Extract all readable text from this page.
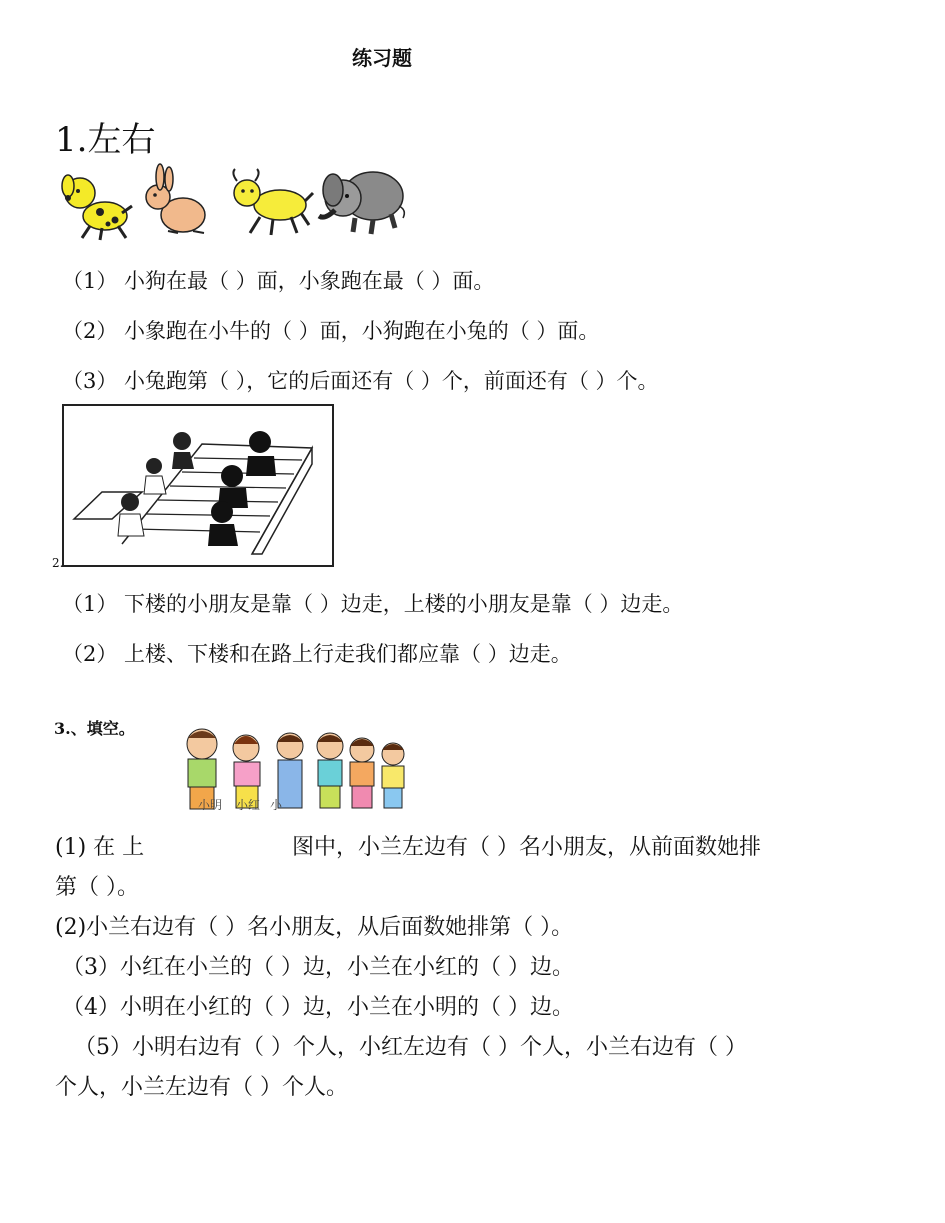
练习题
1.左右
（1） 小狗在最（ ）面，小象跑在最（ ）面。
（2） 小象跑在小牛的（ ）面，小狗跑在小兔的（ ）面。
（3） 小兔跑第（ ），它的后面还有（ ）个，前面还有（ ）个。
2.
（1） 下楼的小朋友是靠（ ）边走，上楼的小朋友是靠（ ）边走。
（2） 上楼、下楼和在路上行走我们都应靠（ ）边走。
3.、填空。
小明 小红 小
(1) 在 上	图中，小兰左边有（ ）名小朋友，从前面数她排
第（ ）。
(2)小兰右边有（ ）名小朋友，从后面数她排第（ ）。
（3）小红在小兰的（ ）边，小兰在小红的（ ）边。
（4）小明在小红的（ ）边，小兰在小明的（ ）边。
（5）小明右边有（ ）个人，小红左边有（ ）个人，小兰右边有（ ）
个人，小兰左边有（ ）个人。
